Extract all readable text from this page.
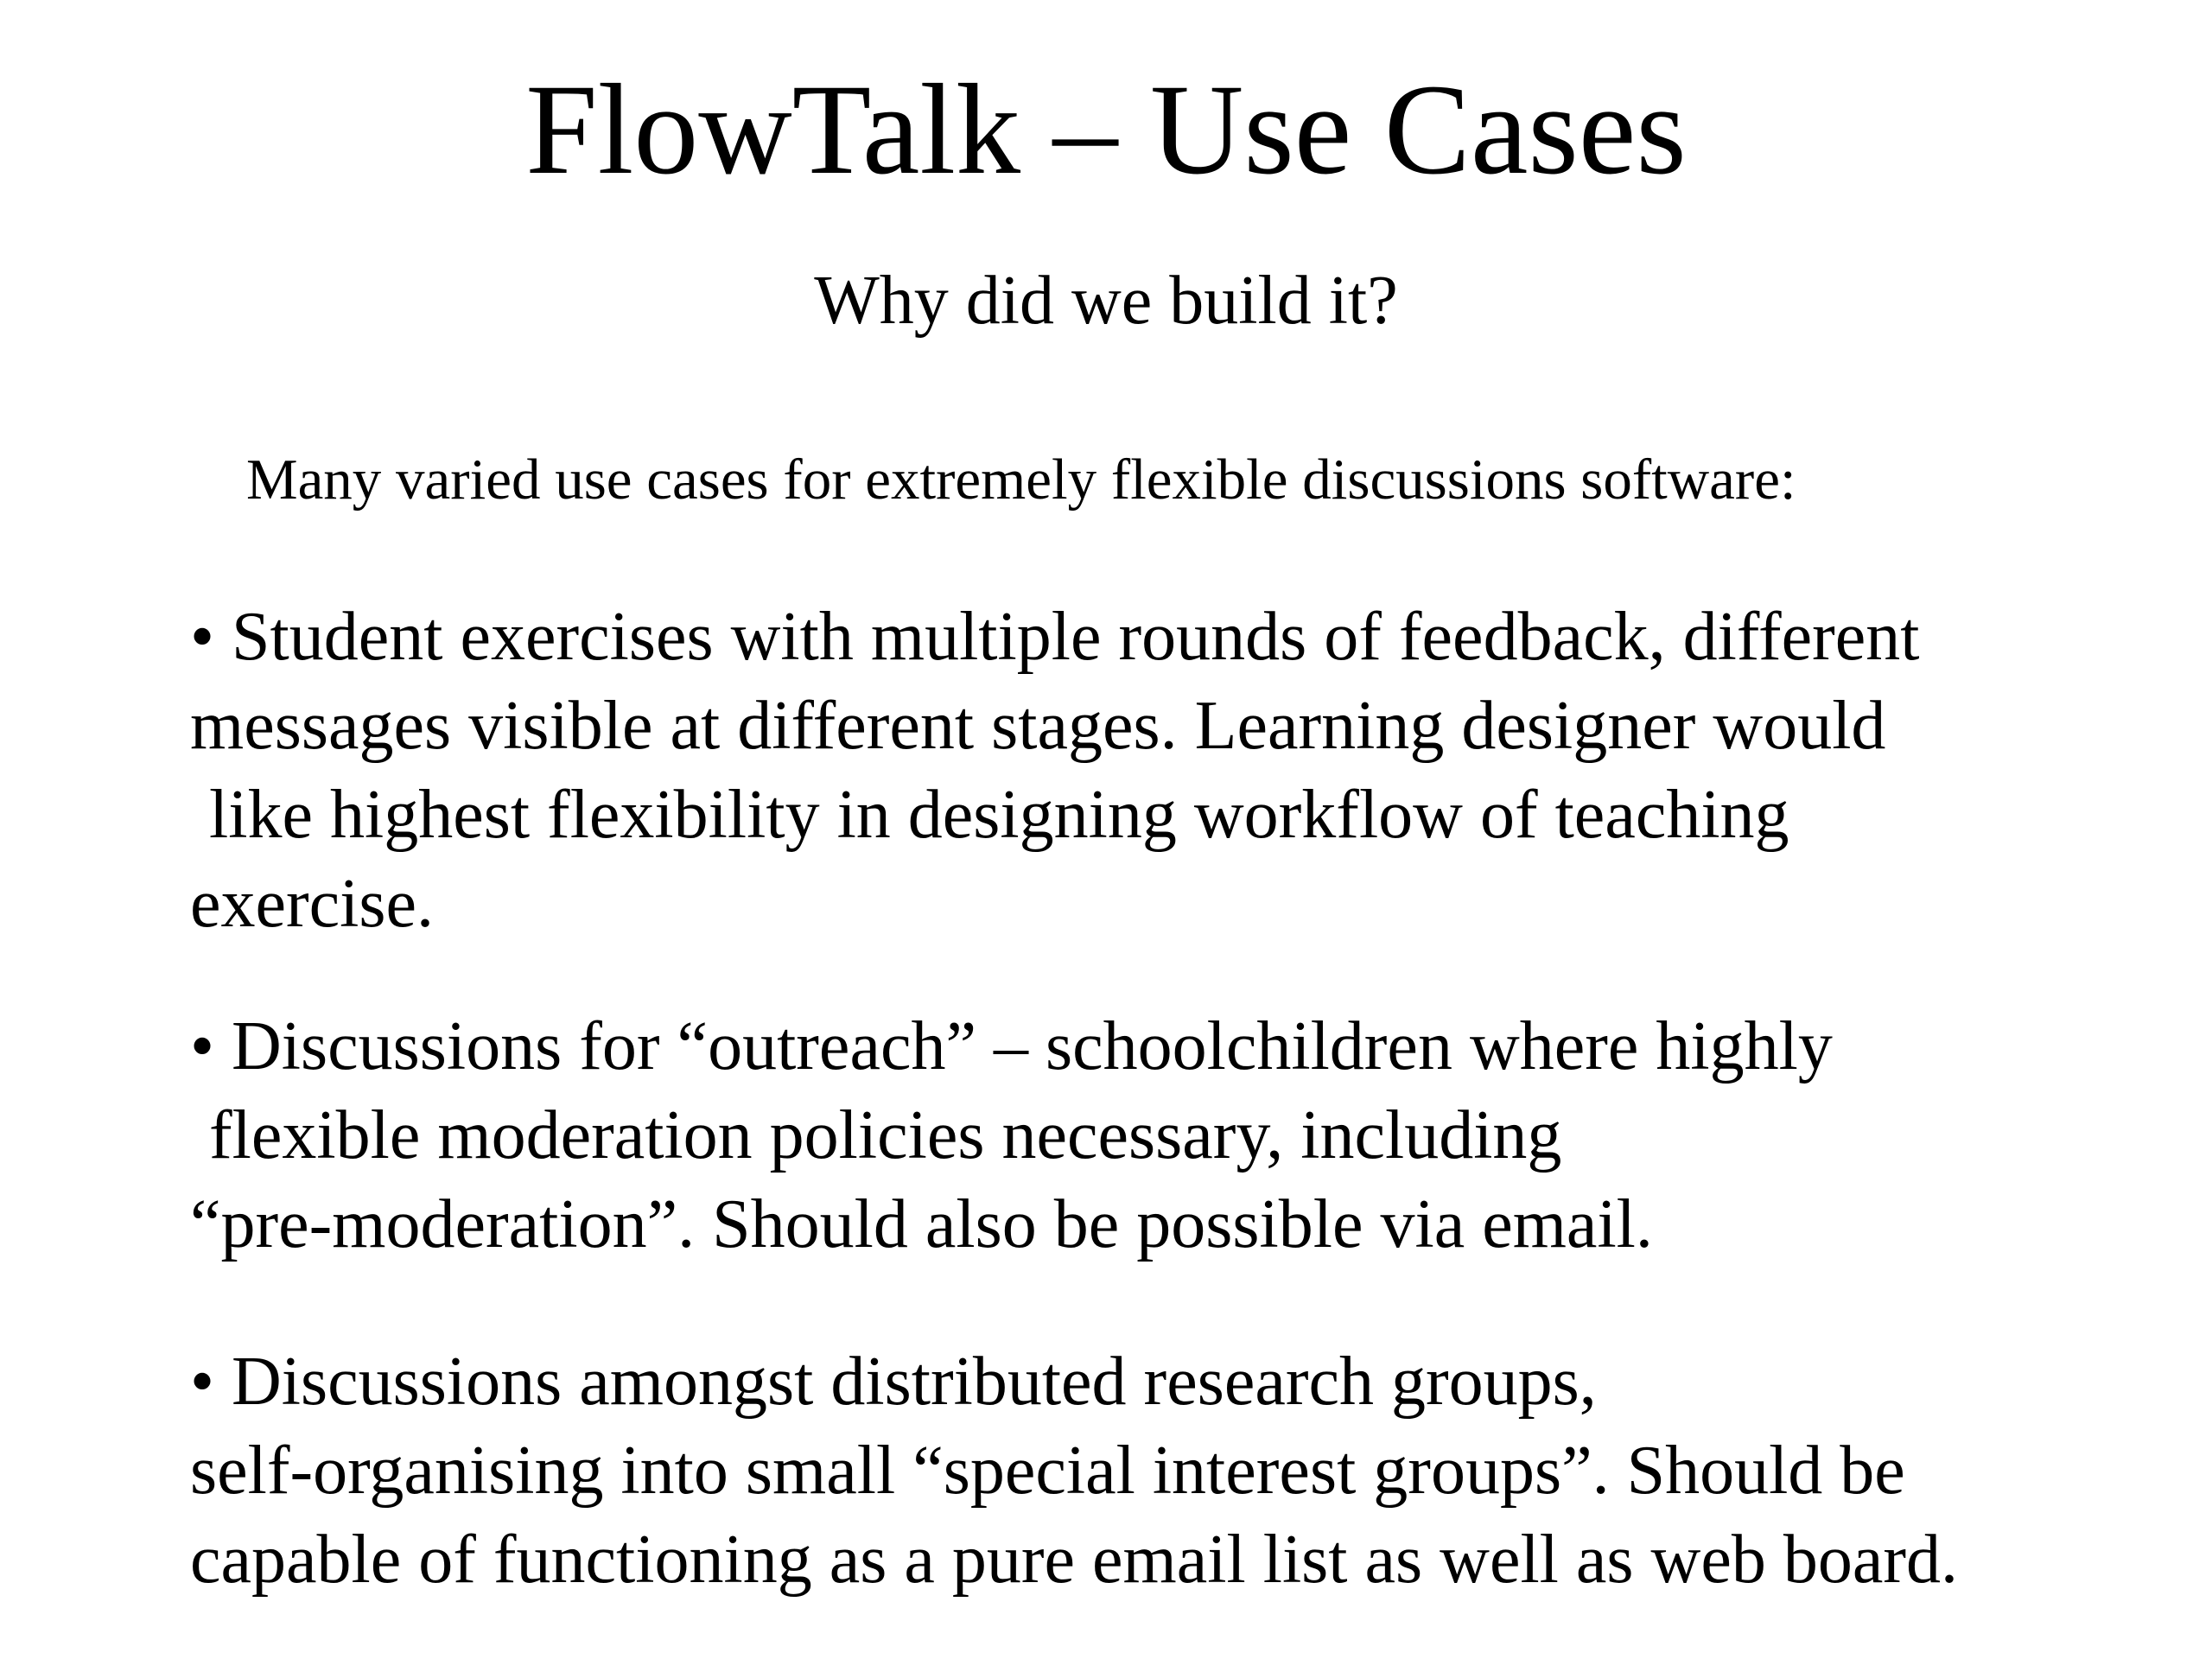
FlowTalk – Use Cases
Why did we build it?
Many varied use cases for extremely flexible discussions software:
• Student exercises with multiple rounds of feedback, different
messages visible at different stages. Learning designer would
like highest flexibility in designing workflow of teaching
exercise.
• Discussions for “outreach” – schoolchildren where highly
flexible moderation policies necessary, including
“pre-moderation”. Should also be possible via email.
• Discussions amongst distributed research groups,
self-organising into small “special interest groups”. Should be
capable of functioning as a pure email list as well as web board.
